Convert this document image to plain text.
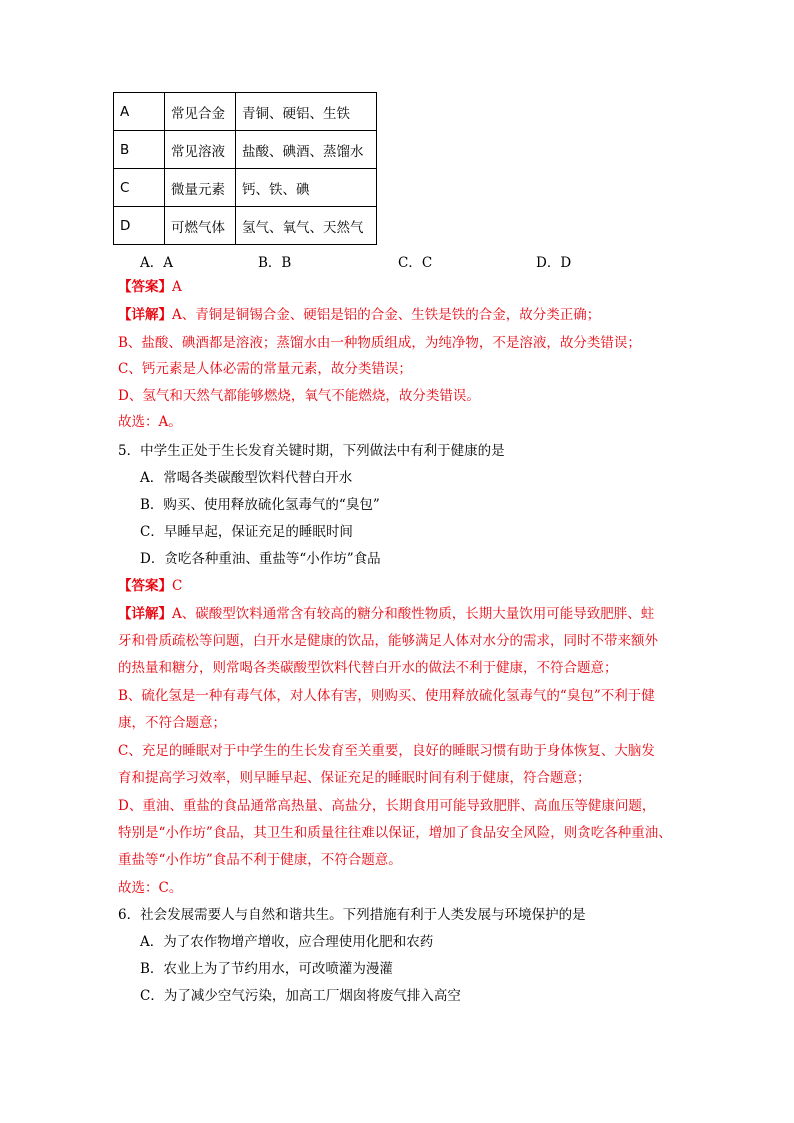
A	常见合金	青铜、硬铝、生铁
B	常见溶液	盐酸、碘酒、蒸馏水
C	微量元素	钙、铁、碘
D	可燃气体	氢气、氧气、天然气
A．A	B．B	C．C	D．D
【答案】A
【详解】A、青铜是铜锡合金、硬铝是铝的合金、生铁是铁的合金，故分类正确；
B、盐酸、碘酒都是溶液；蒸馏水由一种物质组成，为纯净物，不是溶液，故分类错误；
C、钙元素是人体必需的常量元素，故分类错误；
D、氢气和天然气都能够燃烧，氧气不能燃烧，故分类错误。
故选：A。
5．中学生正处于生长发育关键时期，下列做法中有利于健康的是
A．常喝各类碳酸型饮料代替白开水
B．购买、使用释放硫化氢毒气的“臭包”
C．早睡早起，保证充足的睡眠时间
D．贪吃各种重油、重盐等“小作坊”食品
【答案】C
【详解】A、碳酸型饮料通常含有较高的糖分和酸性物质，长期大量饮用可能导致肥胖、蛀
牙和骨质疏松等问题，白开水是健康的饮品，能够满足人体对水分的需求，同时不带来额外
的热量和糖分，则常喝各类碳酸型饮料代替白开水的做法不利于健康，不符合题意；
B、硫化氢是一种有毒气体，对人体有害，则购买、使用释放硫化氢毒气的“臭包”不利于健
康，不符合题意；
C、充足的睡眠对于中学生的生长发育至关重要，良好的睡眠习惯有助于身体恢复、大脑发
育和提高学习效率，则早睡早起、保证充足的睡眠时间有利于健康，符合题意；
D、重油、重盐的食品通常高热量、高盐分，长期食用可能导致肥胖、高血压等健康问题，
特别是“小作坊”食品，其卫生和质量往往难以保证，增加了食品安全风险，则贪吃各种重油、
重盐等“小作坊”食品不利于健康，不符合题意。
故选：C。
6．社会发展需要人与自然和谐共生。下列措施有利于人类发展与环境保护的是
A．为了农作物增产增收，应合理使用化肥和农药
B．农业上为了节约用水，可改喷灌为漫灌
C．为了减少空气污染，加高工厂烟囱将废气排入高空
